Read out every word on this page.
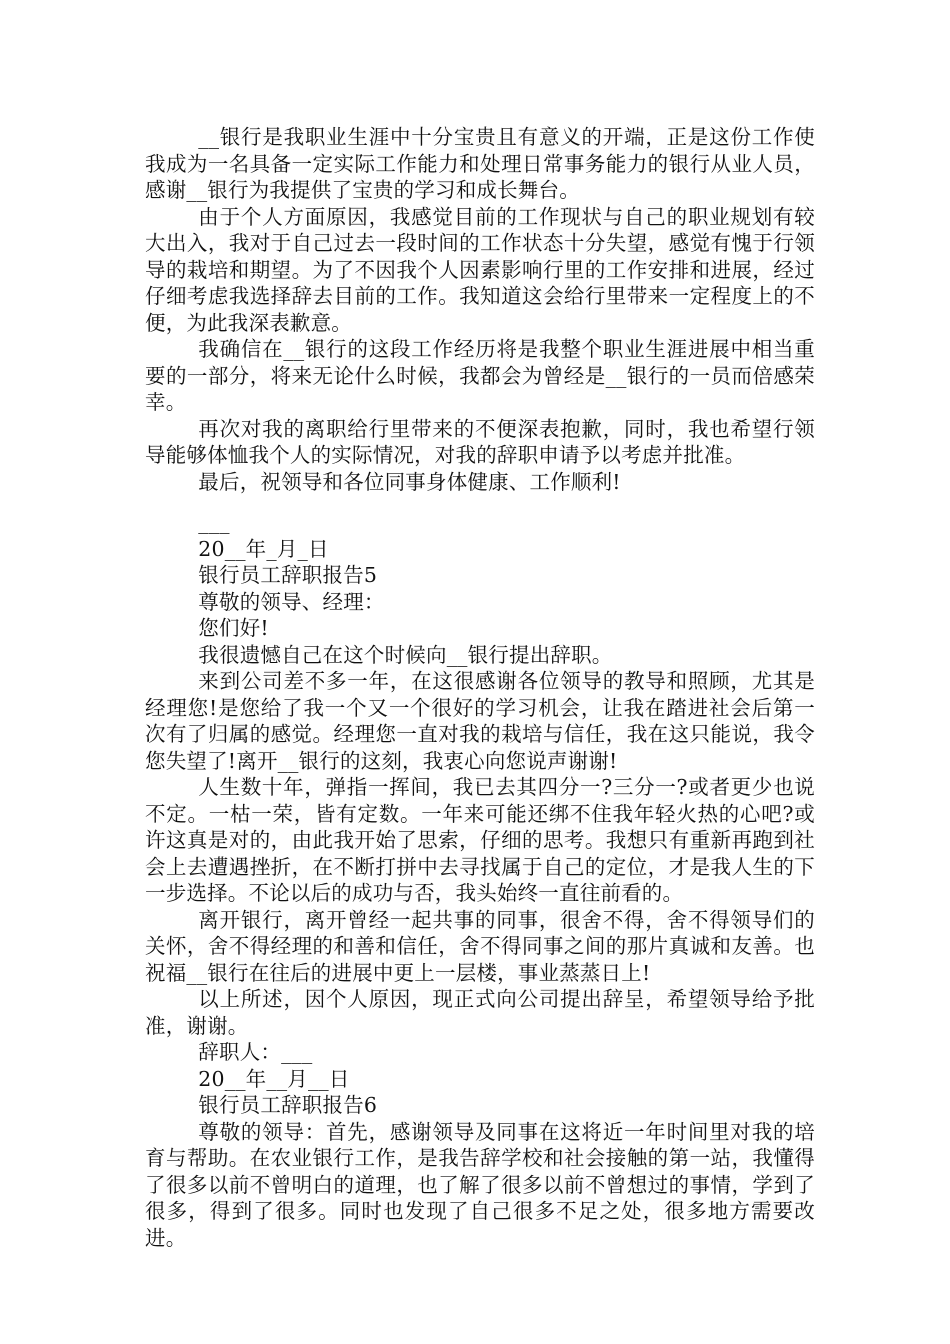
__银行是我职业生涯中十分宝贵且有意义的开端，正是这份工作使我成为一名具备一定实际工作能力和处理日常事务能力的银行从业人员，感谢__银行为我提供了宝贵的学习和成长舞台。

由于个人方面原因，我感觉目前的工作现状与自己的职业规划有较大出入，我对于自己过去一段时间的工作状态十分失望，感觉有愧于行领导的栽培和期望。为了不因我个人因素影响行里的工作安排和进展，经过仔细考虑我选择辞去目前的工作。我知道这会给行里带来一定程度上的不便，为此我深表歉意。

我确信在__银行的这段工作经历将是我整个职业生涯进展中相当重要的一部分，将来无论什么时候，我都会为曾经是__银行的一员而倍感荣幸。

再次对我的离职给行里带来的不便深表抱歉，同时，我也希望行领导能够体恤我个人的实际情况，对我的辞职申请予以考虑并批准。

最后，祝领导和各位同事身体健康、工作顺利!

___

20__年_月_日

银行员工辞职报告5

尊敬的领导、经理：

您们好!

我很遗憾自己在这个时候向__银行提出辞职。

来到公司差不多一年，在这很感谢各位领导的教导和照顾，尤其是经理您!是您给了我一个又一个很好的学习机会，让我在踏进社会后第一次有了归属的感觉。经理您一直对我的栽培与信任，我在这只能说，我令您失望了!离开__银行的这刻，我衷心向您说声谢谢!

人生数十年，弹指一挥间，我已去其四分一?三分一?或者更少也说不定。一枯一荣，皆有定数。一年来可能还绑不住我年轻火热的心吧?或许这真是对的，由此我开始了思索，仔细的思考。我想只有重新再跑到社会上去遭遇挫折，在不断打拼中去寻找属于自己的定位，才是我人生的下一步选择。不论以后的成功与否，我头始终一直往前看的。

离开银行，离开曾经一起共事的同事，很舍不得，舍不得领导们的关怀，舍不得经理的和善和信任，舍不得同事之间的那片真诚和友善。也祝福__银行在往后的进展中更上一层楼，事业蒸蒸日上!

以上所述，因个人原因，现正式向公司提出辞呈，希望领导给予批准，谢谢。

辞职人：___

20__年__月__日

银行员工辞职报告6

尊敬的领导：首先，感谢领导及同事在这将近一年时间里对我的培育与帮助。在农业银行工作，是我告辞学校和社会接触的第一站，我懂得了很多以前不曾明白的道理，也了解了很多以前不曾想过的事情，学到了很多，得到了很多。同时也发现了自己很多不足之处，很多地方需要改进。
